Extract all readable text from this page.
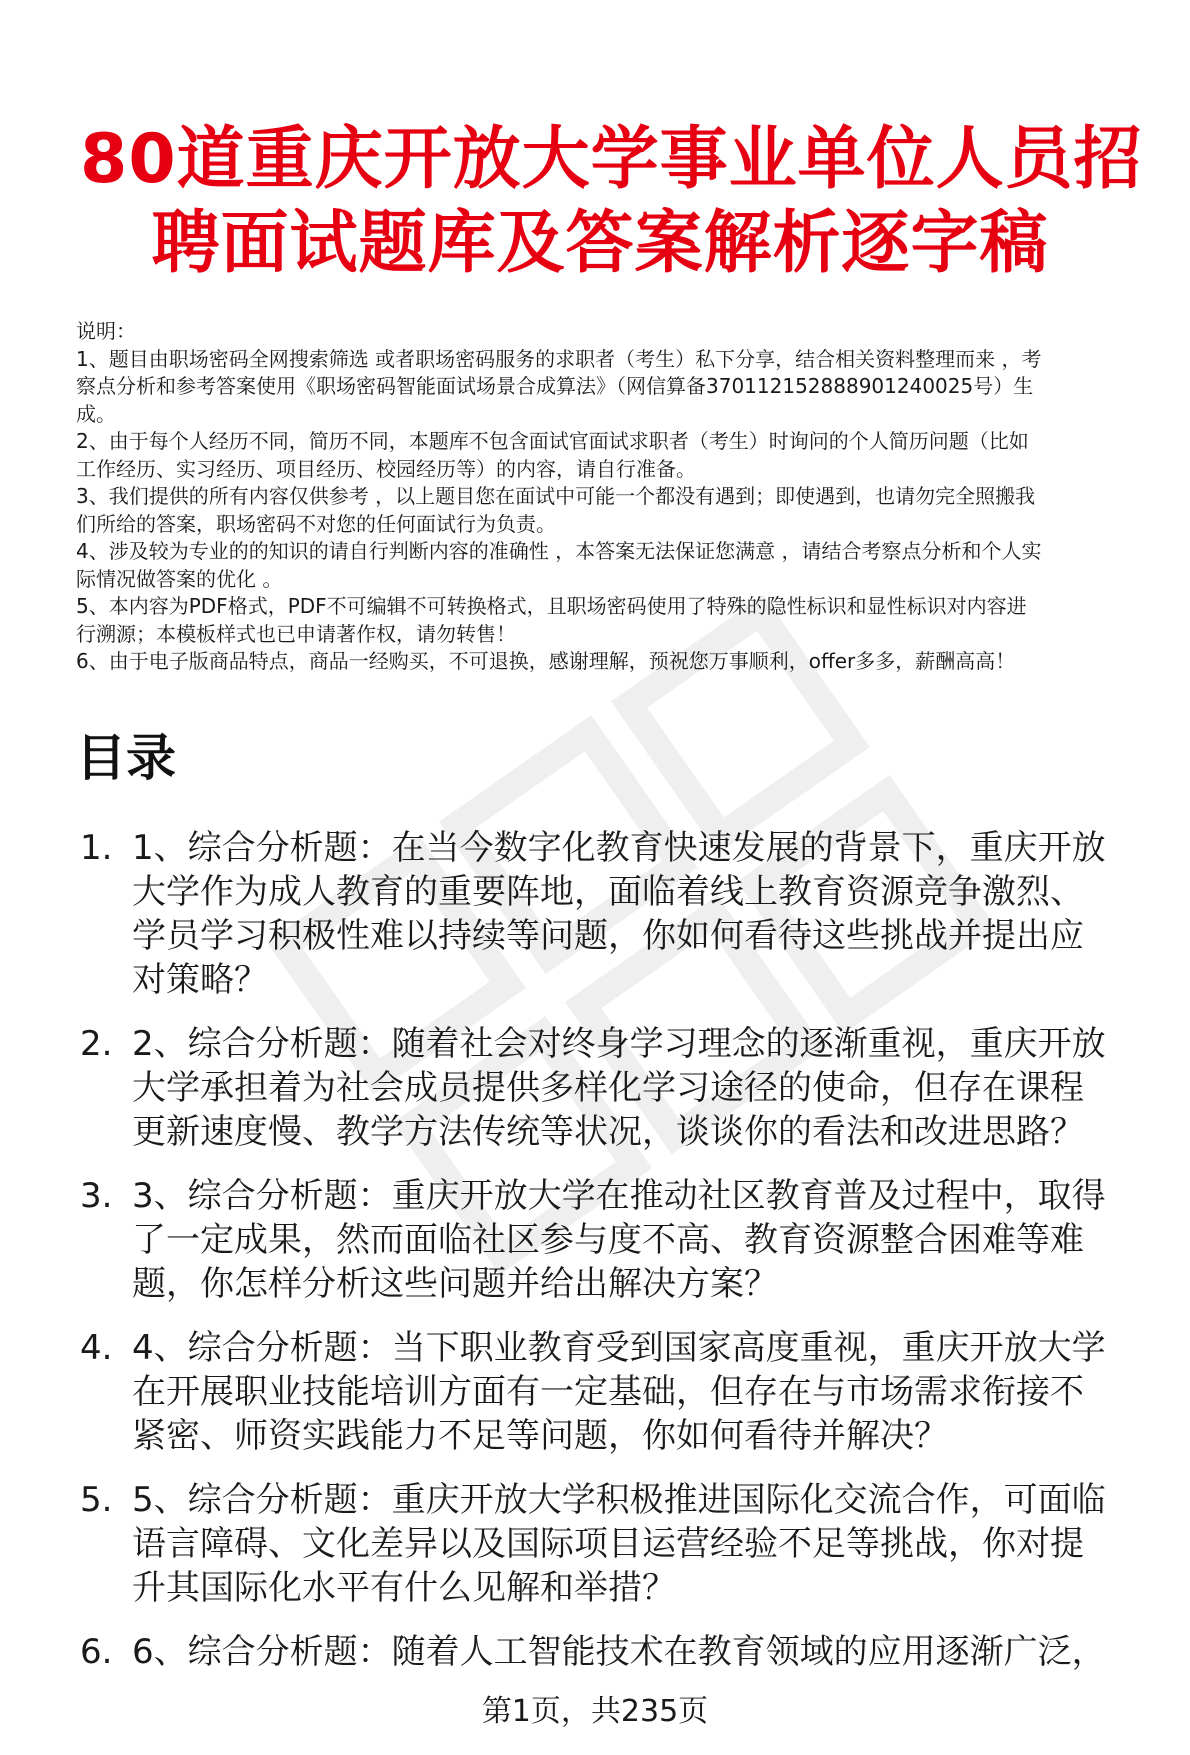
80道重庆开放大学事业单位人员招
聘面试题库及答案解析逐字稿
说明：
1、题目由职场密码全网搜索筛选 或者职场密码服务的求职者（考生）私下分享，结合相关资料整理而来 ，考
察点分析和参考答案使用《职场密码智能面试场景合成算法》（网信算备370112152888901240025号）生
成。
2、由于每个人经历不同，简历不同，本题库不包含面试官面试求职者（考生）时询问的个人简历问题（比如
工作经历、实习经历、项目经历、校园经历等）的内容，请自行准备。
3、我们提供的所有内容仅供参考 ，以上题目您在面试中可能一个都没有遇到；即使遇到，也请勿完全照搬我
们所给的答案，职场密码不对您的任何面试行为负责。
4、涉及较为专业的的知识的请自行判断内容的准确性 ，本答案无法保证您满意 ，请结合考察点分析和个人实
际情况做答案的优化 。
5、本内容为PDF格式，PDF不可编辑不可转换格式，且职场密码使用了特殊的隐性标识和显性标识对内容进
行溯源；本模板样式也已申请著作权，请勿转售！
6、由于电子版商品特点，商品一经购买，不可退换，感谢理解，预祝您万事顺利，offer多多，薪酬高高！
目录
1. 1、综合分析题：在当今数字化教育快速发展的背景下，重庆开放
大学作为成人教育的重要阵地，面临着线上教育资源竞争激烈、
学员学习积极性难以持续等问题，你如何看待这些挑战并提出应
对策略？
2. 2、综合分析题：随着社会对终身学习理念的逐渐重视，重庆开放
大学承担着为社会成员提供多样化学习途径的使命，但存在课程
更新速度慢、教学方法传统等状况，谈谈你的看法和改进思路？
3. 3、综合分析题：重庆开放大学在推动社区教育普及过程中，取得
了一定成果，然而面临社区参与度不高、教育资源整合困难等难
题，你怎样分析这些问题并给出解决方案？
4. 4、综合分析题：当下职业教育受到国家高度重视，重庆开放大学
在开展职业技能培训方面有一定基础，但存在与市场需求衔接不
紧密、师资实践能力不足等问题，你如何看待并解决？
5. 5、综合分析题：重庆开放大学积极推进国际化交流合作，可面临
语言障碍、文化差异以及国际项目运营经验不足等挑战，你对提
升其国际化水平有什么见解和举措？
6. 6、综合分析题：随着人工智能技术在教育领域的应用逐渐广泛，
第1页，共235页
